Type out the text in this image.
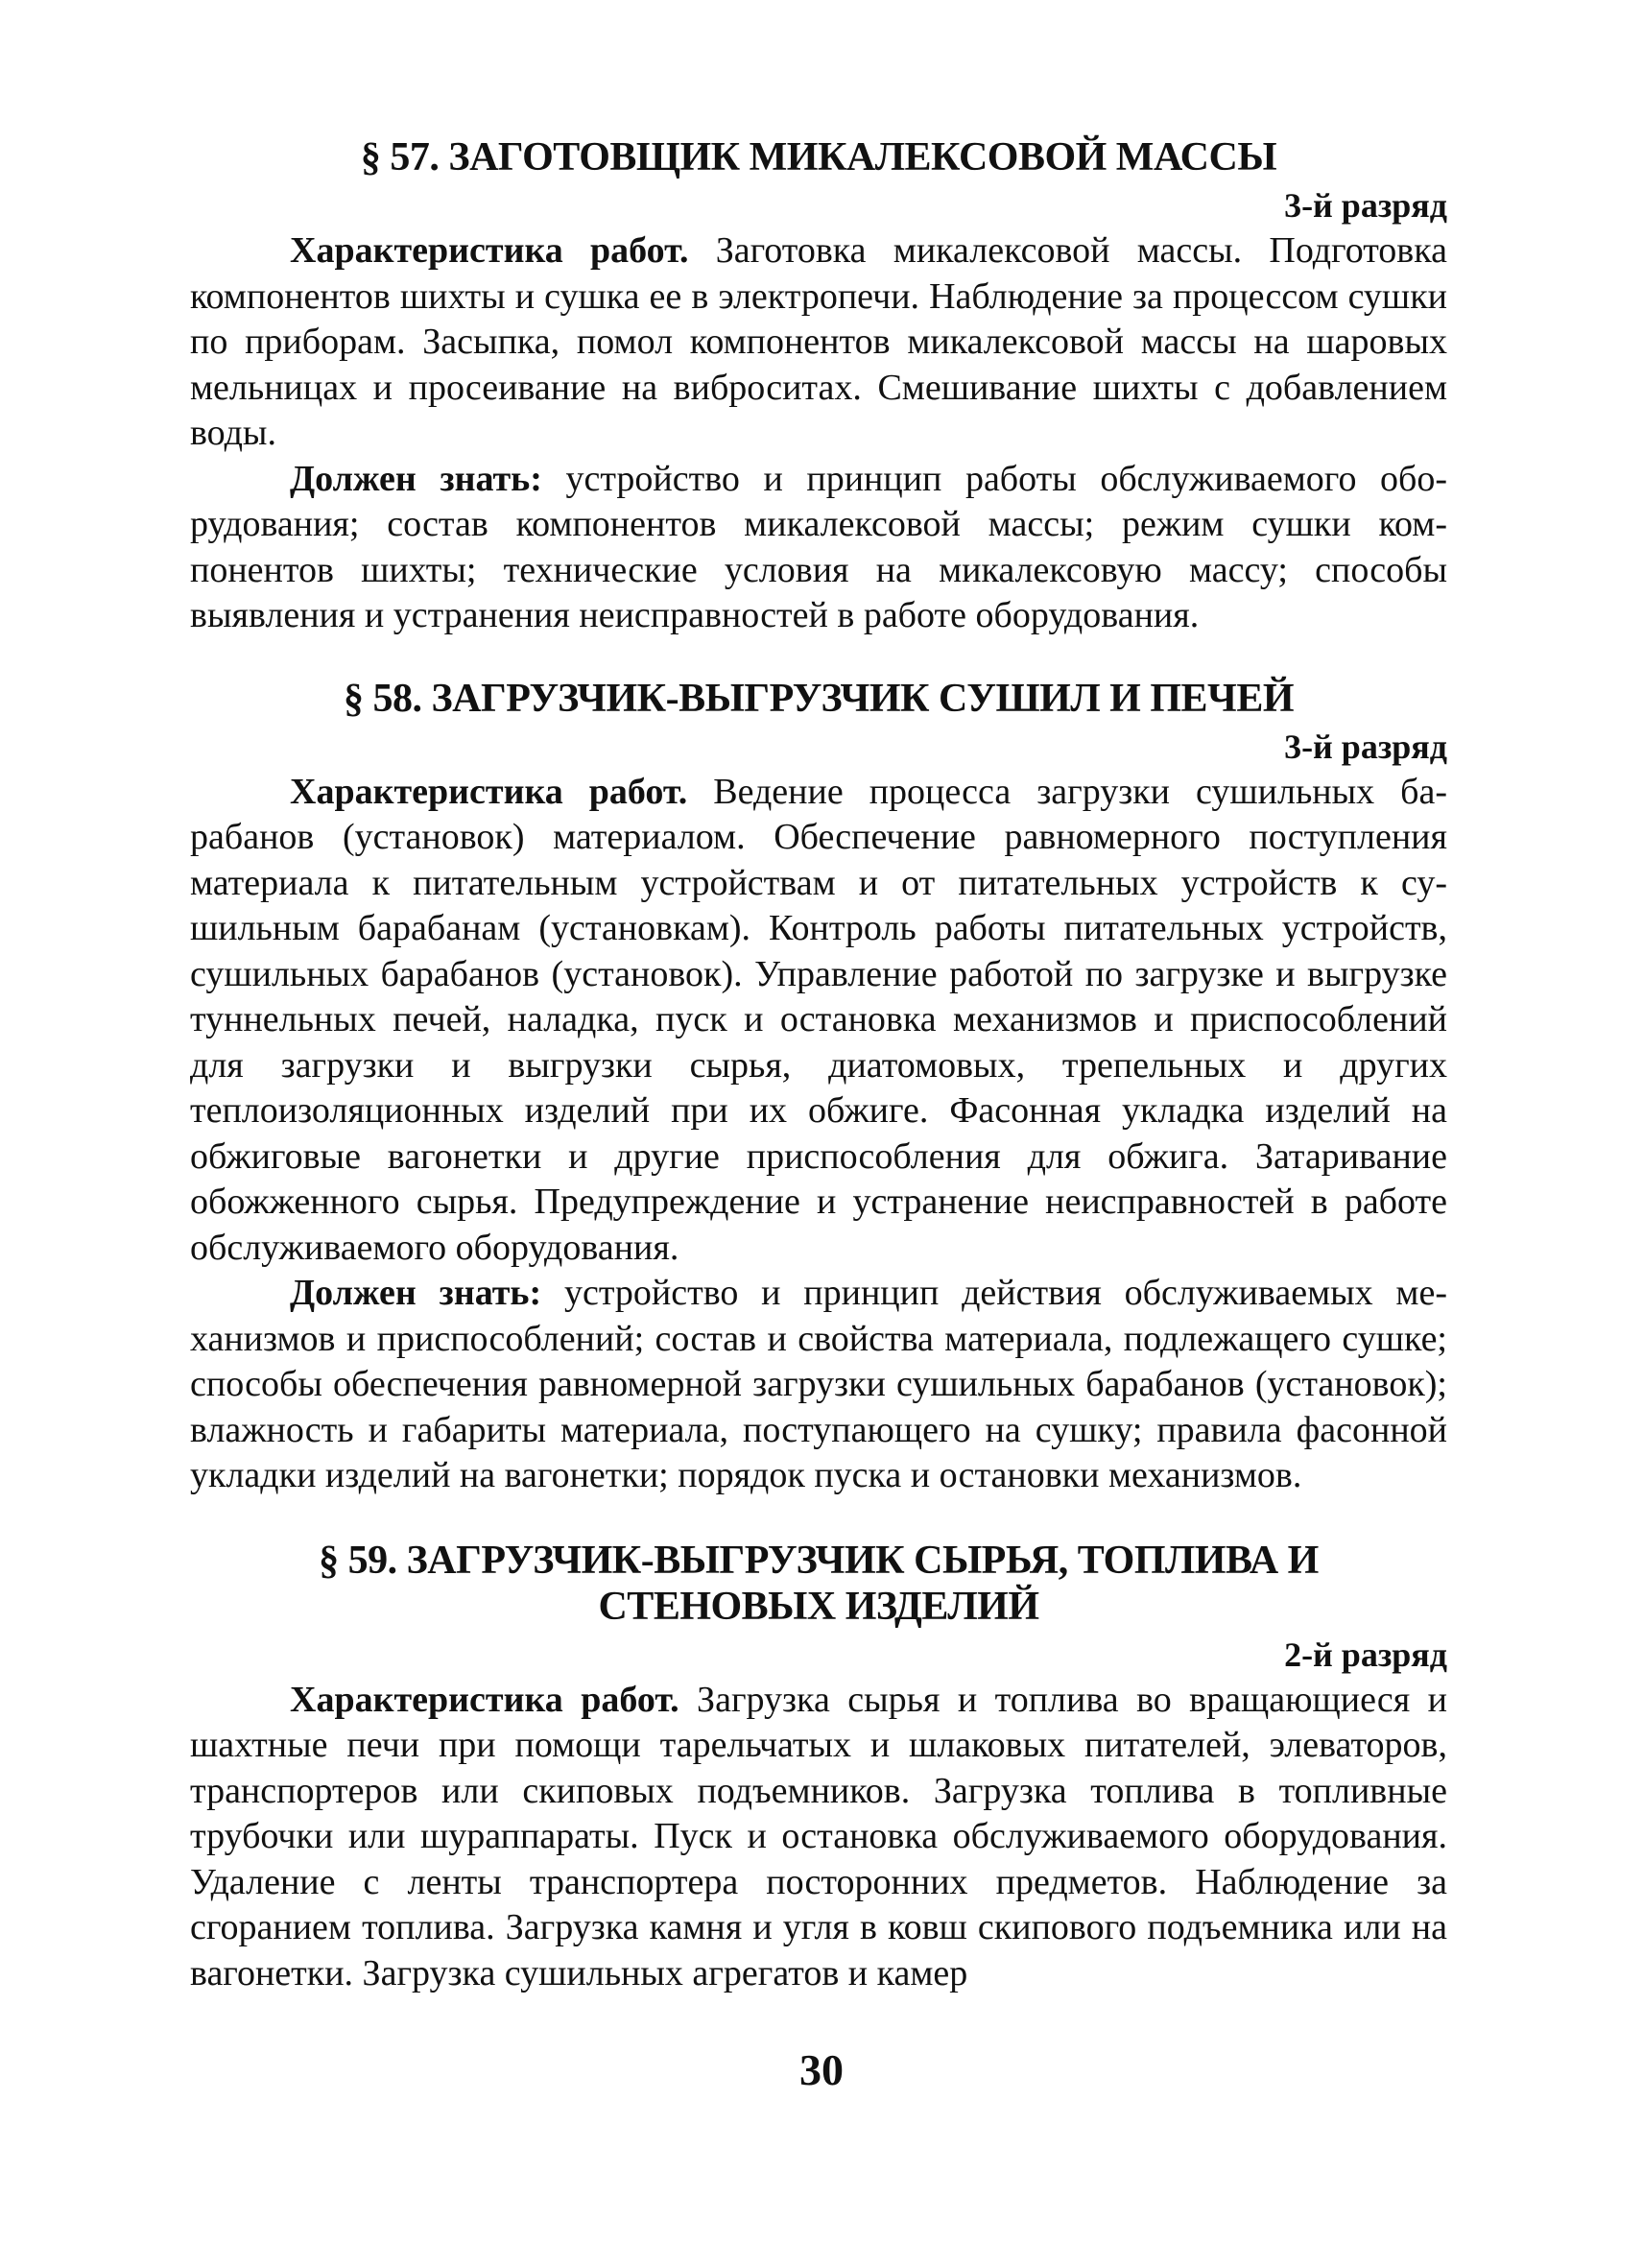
§ 57. ЗАГОТОВЩИК МИКАЛЕКСОВОЙ МАССЫ
3-й разряд

Характеристика работ. Заготовка микалексовой массы. Подготовка компонентов шихты и сушка ее в электропечи. Наблюдение за процессом сушки по приборам. Засыпка, помол компонентов микалексовой массы на шаровых мельницах и просеивание на виброситах. Смешивание шихты с добавлением воды.

Должен знать: устройство и принцип работы обслуживаемого оборудования; состав компонентов микалексовой массы; режим сушки компонентов шихты; технические условия на микалексовую массу; способы выявления и устранения неисправностей в работе оборудования.

§ 58. ЗАГРУЗЧИК-ВЫГРУЗЧИК СУШИЛ И ПЕЧЕЙ
3-й разряд

Характеристика работ. Ведение процесса загрузки сушильных барабанов (установок) материалом. Обеспечение равномерного поступления материала к питательным устройствам и от питательных устройств к сушильным барабанам (установкам). Контроль работы питательных устройств, сушильных барабанов (установок). Управление работой по загрузке и выгрузке туннельных печей, наладка, пуск и остановка механизмов и приспособлений для загрузки и выгрузки сырья, диатомовых, трепельных и других теплоизоляционных изделий при их обжиге. Фасонная укладка изделий на обжиговые вагонетки и другие приспособления для обжига. Затаривание обожженного сырья. Предупреждение и устранение неисправностей в работе обслуживаемого оборудования.

Должен знать: устройство и принцип действия обслуживаемых механизмов и приспособлений; состав и свойства материала, подлежащего сушке; способы обеспечения равномерной загрузки сушильных барабанов (установок); влажность и габариты материала, поступающего на сушку; правила фасонной укладки изделий на вагонетки; порядок пуска и остановки механизмов.

§ 59. ЗАГРУЗЧИК-ВЫГРУЗЧИК СЫРЬЯ, ТОПЛИВА И
СТЕНОВЫХ ИЗДЕЛИЙ
2-й разряд

Характеристика работ. Загрузка сырья и топлива во вращающиеся и шахтные печи при помощи тарельчатых и шлаковых питателей, элеваторов, транспортеров или скиповых подъемников. Загрузка топлива в топливные трубочки или шураппараты. Пуск и остановка обслуживаемого оборудования. Удаление с ленты транспортера посторонних предметов. Наблюдение за сгоранием топлива. Загрузка камня и угля в ковш скипового подъемника или на вагонетки. Загрузка сушильных агрегатов и камер

30
